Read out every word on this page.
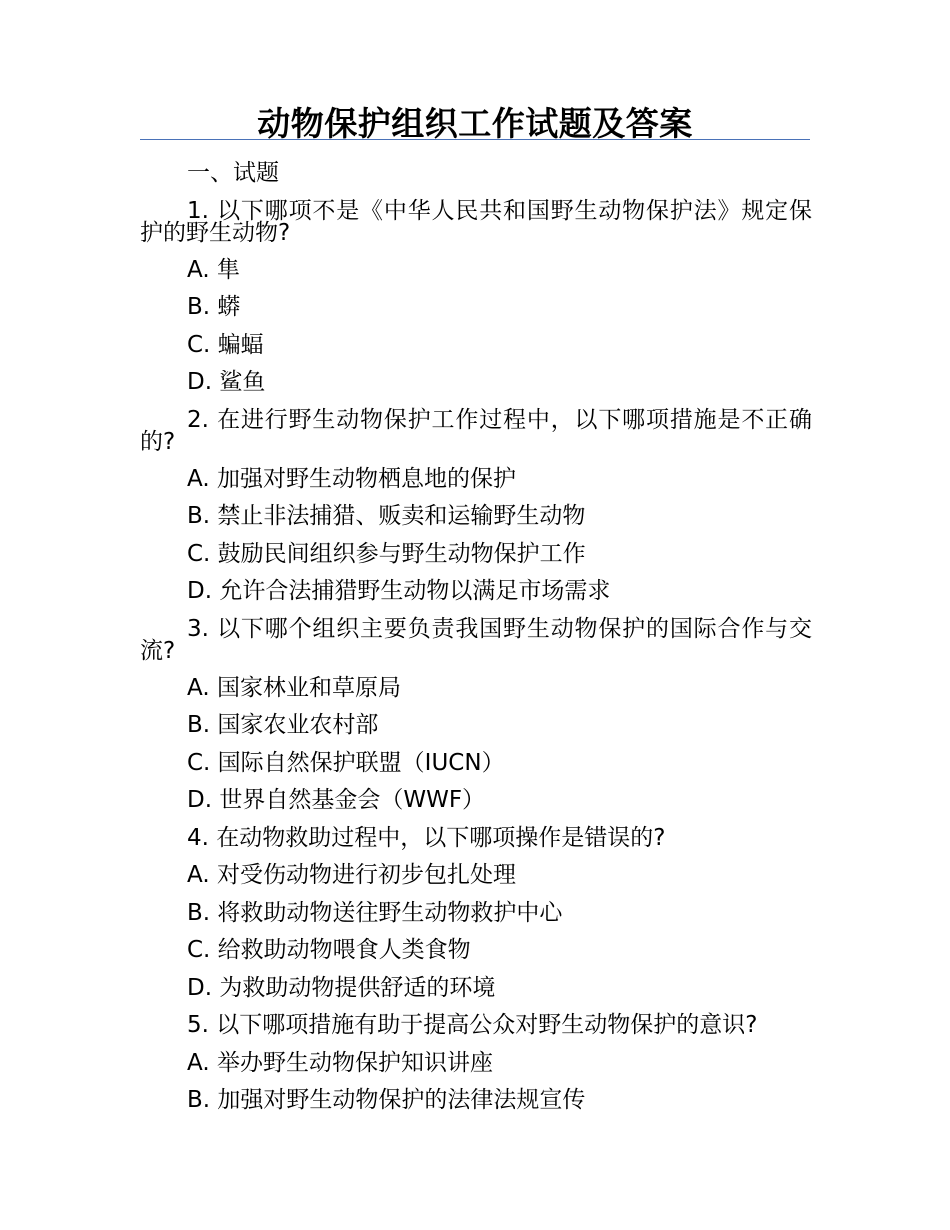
动物保护组织工作试题及答案
一、试题
1. 以下哪项不是《中华人民共和国野生动物保护法》规定保护的野生动物?
A. 隼
B. 蟒
C. 蝙蝠
D. 鲨鱼
2. 在进行野生动物保护工作过程中，以下哪项措施是不正确的?
A. 加强对野生动物栖息地的保护
B. 禁止非法捕猎、贩卖和运输野生动物
C. 鼓励民间组织参与野生动物保护工作
D. 允许合法捕猎野生动物以满足市场需求
3. 以下哪个组织主要负责我国野生动物保护的国际合作与交流?
A. 国家林业和草原局
B. 国家农业农村部
C. 国际自然保护联盟（IUCN）
D. 世界自然基金会（WWF）
4. 在动物救助过程中，以下哪项操作是错误的?
A. 对受伤动物进行初步包扎处理
B. 将救助动物送往野生动物救护中心
C. 给救助动物喂食人类食物
D. 为救助动物提供舒适的环境
5. 以下哪项措施有助于提高公众对野生动物保护的意识?
A. 举办野生动物保护知识讲座
B. 加强对野生动物保护的法律法规宣传
